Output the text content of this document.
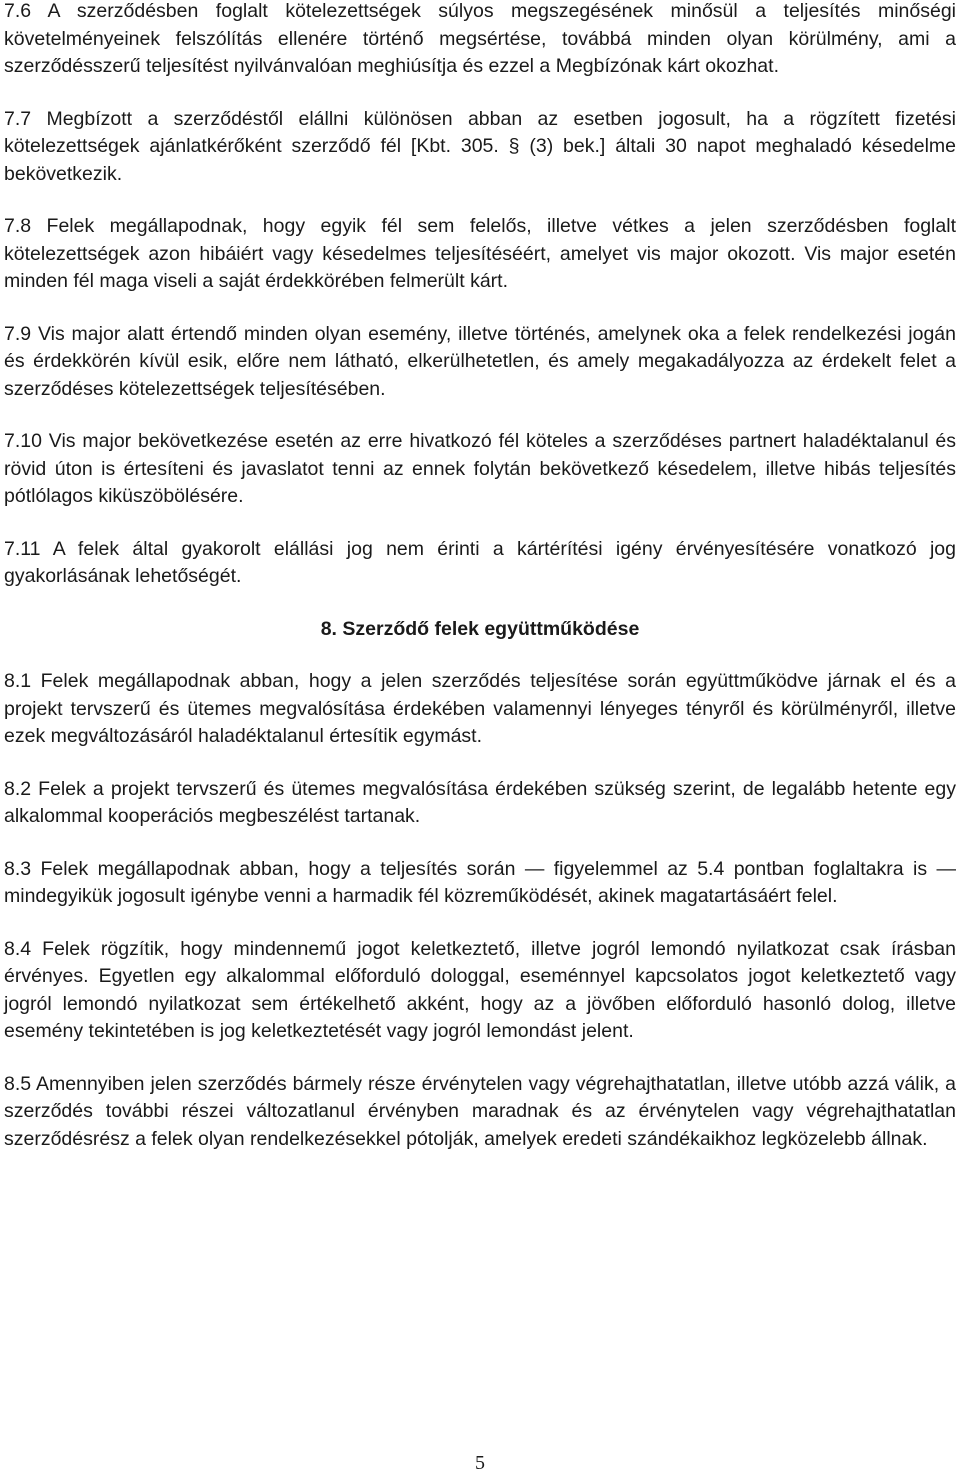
7.6 A szerződésben foglalt kötelezettségek súlyos megszegésének minősül a teljesítés minőségi követelményeinek felszólítás ellenére történő megsértése, továbbá minden olyan körülmény, ami a szerződésszerű teljesítést nyilvánvalóan meghiúsítja és ezzel a Megbízónak kárt okozhat.

7.7 Megbízott a szerződéstől elállni különösen abban az esetben jogosult, ha a rögzített fizetési kötelezettségek ajánlatkérőként szerződő fél [Kbt. 305. § (3) bek.] általi 30 napot meghaladó késedelme bekövetkezik.

7.8 Felek megállapodnak, hogy egyik fél sem felelős, illetve vétkes a jelen szerződésben foglalt kötelezettségek azon hibáiért vagy késedelmes teljesítéséért, amelyet vis major okozott. Vis major esetén minden fél maga viseli a saját érdekkörében felmerült kárt.

7.9 Vis major alatt értendő minden olyan esemény, illetve történés, amelynek oka a felek rendelkezési jogán és érdekkörén kívül esik, előre nem látható, elkerülhetetlen, és amely megakadályozza az érdekelt felet a szerződéses kötelezettségek teljesítésében.

7.10 Vis major bekövetkezése esetén az erre hivatkozó fél köteles a szerződéses partnert haladéktalanul és rövid úton is értesíteni és javaslatot tenni az ennek folytán bekövetkező késedelem, illetve hibás teljesítés pótlólagos kiküszöbölésére.

7.11 A felek által gyakorolt elállási jog nem érinti a kártérítési igény érvényesítésére vonatkozó jog gyakorlásának lehetőségét.

8. Szerződő felek együttműködése

8.1 Felek megállapodnak abban, hogy a jelen szerződés teljesítése során együttműködve járnak el és a projekt tervszerű és ütemes megvalósítása érdekében valamennyi lényeges tényről és körülményről, illetve ezek megváltozásáról haladéktalanul értesítik egymást.

8.2 Felek a projekt tervszerű és ütemes megvalósítása érdekében szükség szerint, de legalább hetente egy alkalommal kooperációs megbeszélést tartanak.

8.3 Felek megállapodnak abban, hogy a teljesítés során — figyelemmel az 5.4 pontban foglaltakra is — mindegyikük jogosult igénybe venni a harmadik fél közreműködését, akinek magatartásáért felel.

8.4 Felek rögzítik, hogy mindennemű jogot keletkeztető, illetve jogról lemondó nyilatkozat csak írásban érvényes. Egyetlen egy alkalommal előforduló dologgal, eseménnyel kapcsolatos jogot keletkeztető vagy jogról lemondó nyilatkozat sem értékelhető akként, hogy az a jövőben előforduló hasonló dolog, illetve esemény tekintetében is jog keletkeztetését vagy jogról lemondást jelent.

8.5 Amennyiben jelen szerződés bármely része érvénytelen vagy végrehajthatatlan, illetve utóbb azzá válik, a szerződés további részei változatlanul érvényben maradnak és az érvénytelen vagy végrehajthatatlan szerződésrész a felek olyan rendelkezésekkel pótolják, amelyek eredeti szándékaikhoz legközelebb állnak.

5
